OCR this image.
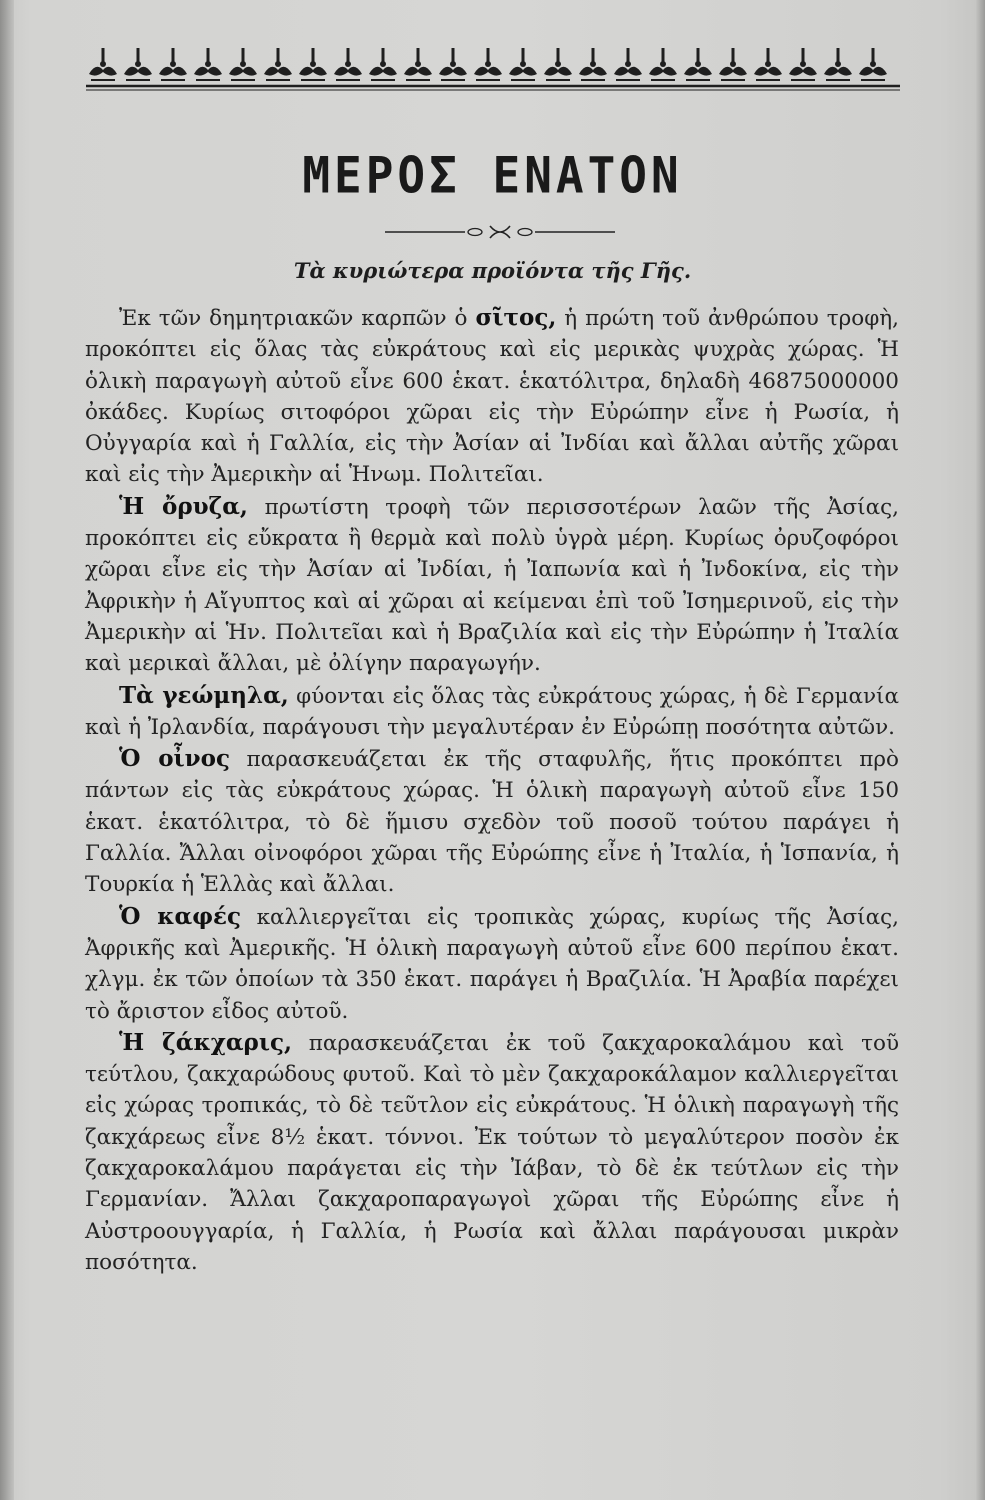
ΜΕΡΟΣ ΕΝΑΤΟΝ
Τὰ κυριώτερα προϊόντα τῆς Γῆς.

Ἐκ τῶν δημητριακῶν καρπῶν ὁ σῖτος, ἡ πρώτη τοῦ ἀνθρώπου τροφὴ, προκόπτει εἰς ὅλας τὰς εὐκράτους καὶ εἰς μερικὰς ψυχρὰς χώρας. Ἡ ὁλικὴ παραγωγὴ αὐτοῦ εἶνε 600 ἑκατ. ἑκατόλιτρα, δηλαδὴ 46875000000 ὀκάδες. Κυρίως σιτοφόροι χῶραι εἰς τὴν Εὐρώπην εἶνε ἡ Ρωσία, ἡ Οὐγγαρία καὶ ἡ Γαλλία, εἰς τὴν Ἀσίαν αἱ Ἰνδίαι καὶ ἄλλαι αὐτῆς χῶραι καὶ εἰς τὴν Ἀμερικὴν αἱ Ἡνωμ. Πολιτεῖαι.

Ἡ ὄρυζα, πρωτίστη τροφὴ τῶν περισσοτέρων λαῶν τῆς Ἀσίας, προκόπτει εἰς εὔκρατα ἢ θερμὰ καὶ πολὺ ὑγρὰ μέρη. Κυρίως ὀρυζοφόροι χῶραι εἶνε εἰς τὴν Ἀσίαν αἱ Ἰνδίαι, ἡ Ἰαπωνία καὶ ἡ Ἰνδοκίνα, εἰς τὴν Ἀφρικὴν ἡ Αἴγυπτος καὶ αἱ χῶραι αἱ κείμεναι ἐπὶ τοῦ Ἰσημερινοῦ, εἰς τὴν Ἀμερικὴν αἱ Ἡν. Πολιτεῖαι καὶ ἡ Βραζιλία καὶ εἰς τὴν Εὐρώπην ἡ Ἰταλία καὶ μερικαὶ ἄλλαι, μὲ ὀλίγην παραγωγήν.

Τὰ γεώμηλα, φύονται εἰς ὅλας τὰς εὐκράτους χώρας, ἡ δὲ Γερμανία καὶ ἡ Ἰρλανδία, παράγουσι τὴν μεγαλυτέραν ἐν Εὐρώπῃ ποσότητα αὐτῶν.

Ὁ οἶνος παρασκευάζεται ἐκ τῆς σταφυλῆς, ἥτις προκόπτει πρὸ πάντων εἰς τὰς εὐκράτους χώρας. Ἡ ὁλικὴ παραγωγὴ αὐτοῦ εἶνε 150 ἑκατ. ἑκατόλιτρα, τὸ δὲ ἥμισυ σχεδὸν τοῦ ποσοῦ τούτου παράγει ἡ Γαλλία. Ἄλλαι οἰνοφόροι χῶραι τῆς Εὐρώπης εἶνε ἡ Ἰταλία, ἡ Ἱσπανία, ἡ Τουρκία ἡ Ἑλλὰς καὶ ἄλλαι.

Ὁ καφές καλλιεργεῖται εἰς τροπικὰς χώρας, κυρίως τῆς Ἀσίας, Ἀφρικῆς καὶ Ἀμερικῆς. Ἡ ὁλικὴ παραγωγὴ αὐτοῦ εἶνε 600 περίπου ἑκατ. χλγμ. ἐκ τῶν ὁποίων τὰ 350 ἑκατ. παράγει ἡ Βραζιλία. Ἡ Ἀραβία παρέχει τὸ ἄριστον εἶδος αὐτοῦ.

Ἡ ζάκχαρις, παρασκευάζεται ἐκ τοῦ ζακχαροκαλάμου καὶ τοῦ τεύτλου, ζακχαρώδους φυτοῦ. Καὶ τὸ μὲν ζακχαροκάλαμον καλλιεργεῖται εἰς χώρας τροπικάς, τὸ δὲ τεῦτλον εἰς εὐκράτους. Ἡ ὁλικὴ παραγωγὴ τῆς ζακχάρεως εἶνε 8½ ἑκατ. τόννοι. Ἐκ τούτων τὸ μεγαλύτερον ποσὸν ἐκ ζακχαροκαλάμου παράγεται εἰς τὴν Ἰάβαν, τὸ δὲ ἐκ τεύτλων εἰς τὴν Γερμανίαν. Ἄλλαι ζακχαροπαραγωγοὶ χῶραι τῆς Εὐρώπης εἶνε ἡ Αὐστροουγγαρία, ἡ Γαλλία, ἡ Ρωσία καὶ ἄλλαι παράγουσαι μικρὰν ποσότητα.
